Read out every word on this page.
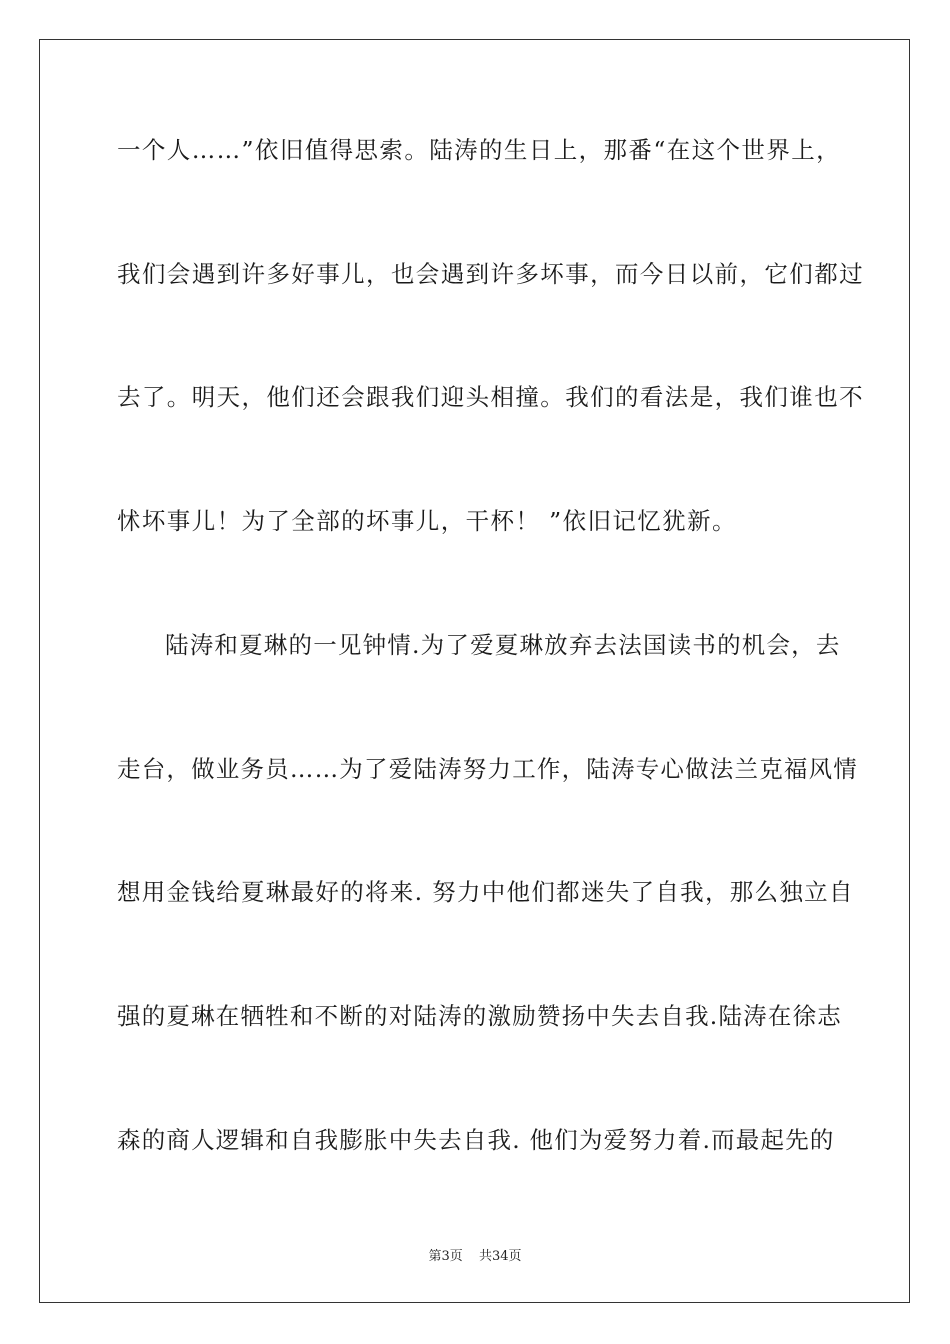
一个人……”依旧值得思索。陆涛的生日上，那番“在这个世界上，
我们会遇到许多好事儿，也会遇到许多坏事，而今日以前，它们都过
去了。明天，他们还会跟我们迎头相撞。我们的看法是，我们谁也不
怵坏事儿！为了全部的坏事儿，干杯！ ”依旧记忆犹新。
陆涛和夏琳的一见钟情.为了爱夏琳放弃去法国读书的机会，去
走台，做业务员……为了爱陆涛努力工作，陆涛专心做法兰克福风情
想用金钱给夏琳最好的将来. 努力中他们都迷失了自我，那么独立自
强的夏琳在牺牲和不断的对陆涛的激励赞扬中失去自我.陆涛在徐志
森的商人逻辑和自我膨胀中失去自我. 他们为爱努力着.而最起先的
第3页 共34页
